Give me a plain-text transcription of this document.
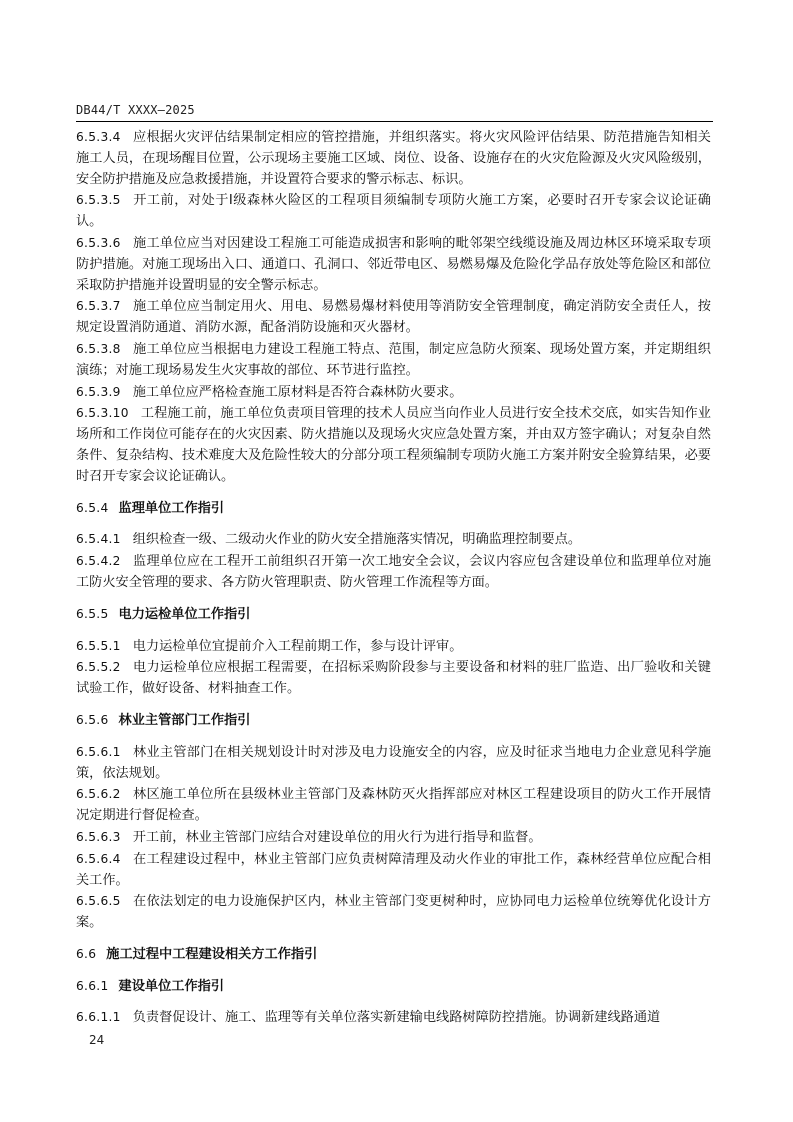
DB44/T XXXX—2025
6.5.3.4 应根据火灾评估结果制定相应的管控措施，并组织落实。将火灾风险评估结果、防范措施告知相关施工人员，在现场醒目位置，公示现场主要施工区域、岗位、设备、设施存在的火灾危险源及火灾风险级别，安全防护措施及应急救援措施，并设置符合要求的警示标志、标识。
6.5.3.5 开工前，对处于Ⅰ级森林火险区的工程项目须编制专项防火施工方案，必要时召开专家会议论证确认。
6.5.3.6 施工单位应当对因建设工程施工可能造成损害和影响的毗邻架空线缆设施及周边林区环境采取专项防护措施。对施工现场出入口、通道口、孔洞口、邻近带电区、易燃易爆及危险化学品存放处等危险区和部位采取防护措施并设置明显的安全警示标志。
6.5.3.7 施工单位应当制定用火、用电、易燃易爆材料使用等消防安全管理制度，确定消防安全责任人，按规定设置消防通道、消防水源，配备消防设施和灭火器材。
6.5.3.8 施工单位应当根据电力建设工程施工特点、范围，制定应急防火预案、现场处置方案，并定期组织演练；对施工现场易发生火灾事故的部位、环节进行监控。
6.5.3.9 施工单位应严格检查施工原材料是否符合森林防火要求。
6.5.3.10 工程施工前，施工单位负责项目管理的技术人员应当向作业人员进行安全技术交底，如实告知作业场所和工作岗位可能存在的火灾因素、防火措施以及现场火灾应急处置方案，并由双方签字确认；对复杂自然条件、复杂结构、技术难度大及危险性较大的分部分项工程须编制专项防火施工方案并附安全验算结果，必要时召开专家会议论证确认。
6.5.4 监理单位工作指引
6.5.4.1 组织检查一级、二级动火作业的防火安全措施落实情况，明确监理控制要点。
6.5.4.2 监理单位应在工程开工前组织召开第一次工地安全会议，会议内容应包含建设单位和监理单位对施工防火安全管理的要求、各方防火管理职责、防火管理工作流程等方面。
6.5.5 电力运检单位工作指引
6.5.5.1 电力运检单位宜提前介入工程前期工作，参与设计评审。
6.5.5.2 电力运检单位应根据工程需要，在招标采购阶段参与主要设备和材料的驻厂监造、出厂验收和关键试验工作，做好设备、材料抽查工作。
6.5.6 林业主管部门工作指引
6.5.6.1 林业主管部门在相关规划设计时对涉及电力设施安全的内容，应及时征求当地电力企业意见科学施策，依法规划。
6.5.6.2 林区施工单位所在县级林业主管部门及森林防灭火指挥部应对林区工程建设项目的防火工作开展情况定期进行督促检查。
6.5.6.3 开工前，林业主管部门应结合对建设单位的用火行为进行指导和监督。
6.5.6.4 在工程建设过程中，林业主管部门应负责树障清理及动火作业的审批工作，森林经营单位应配合相关工作。
6.5.6.5 在依法划定的电力设施保护区内，林业主管部门变更树种时，应协同电力运检单位统筹优化设计方案。
6.6 施工过程中工程建设相关方工作指引
6.6.1 建设单位工作指引
6.6.1.1 负责督促设计、施工、监理等有关单位落实新建输电线路树障防控措施。协调新建线路通道
24
